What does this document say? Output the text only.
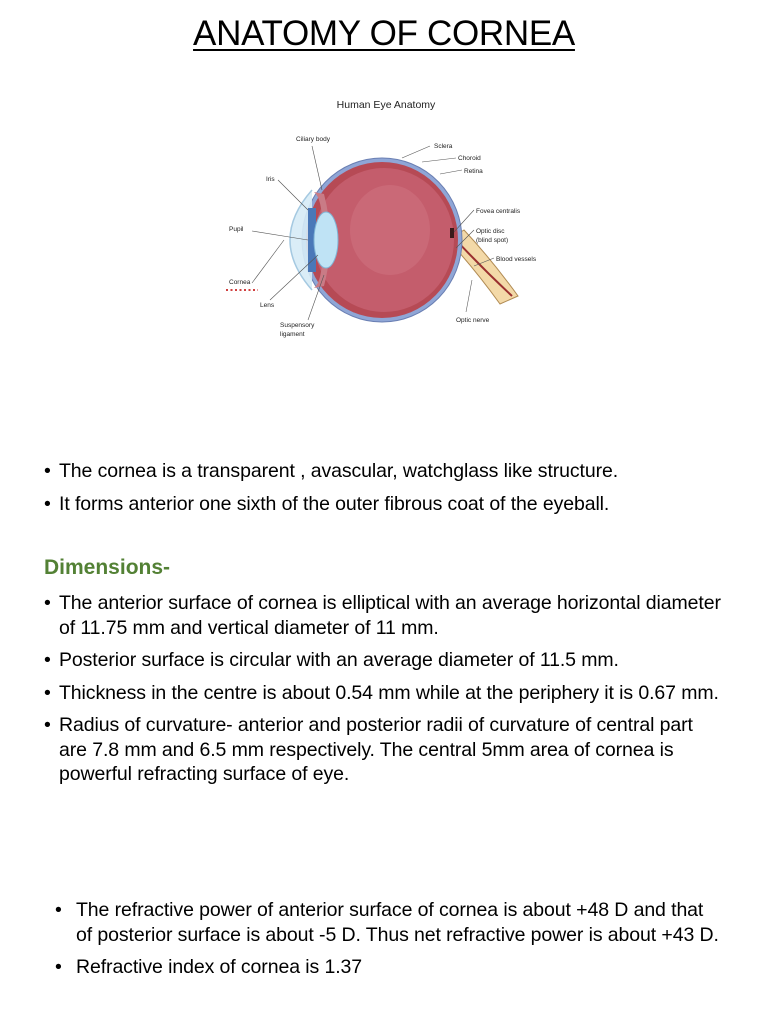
ANATOMY OF CORNEA
Human Eye Anatomy
Ciliary body
Iris
Pupil
Cornea
Lens
Suspensory
ligament
Sclera
Choroid
Retina
Fovea centralis
Optic disc
(blind spot)
Blood vessels
Optic nerve
• The cornea is a transparent , avascular, watchglass like structure.
• It forms anterior one sixth of the outer fibrous coat of the eyeball.
Dimensions-
• The anterior surface of cornea is elliptical with an average horizontal diameter of 11.75 mm and vertical diameter of 11 mm.
• Posterior surface is circular with an average diameter of 11.5 mm.
• Thickness in the centre is about 0.54 mm while at the periphery it is 0.67 mm.
• Radius of curvature- anterior and posterior radii of curvature of central part are 7.8 mm and 6.5 mm respectively. The central 5mm area of cornea is powerful refracting surface of eye.
• The refractive power of anterior surface of cornea is about +48 D and that of posterior surface is about -5 D. Thus net refractive power is about +43 D.
• Refractive index of cornea is 1.37
